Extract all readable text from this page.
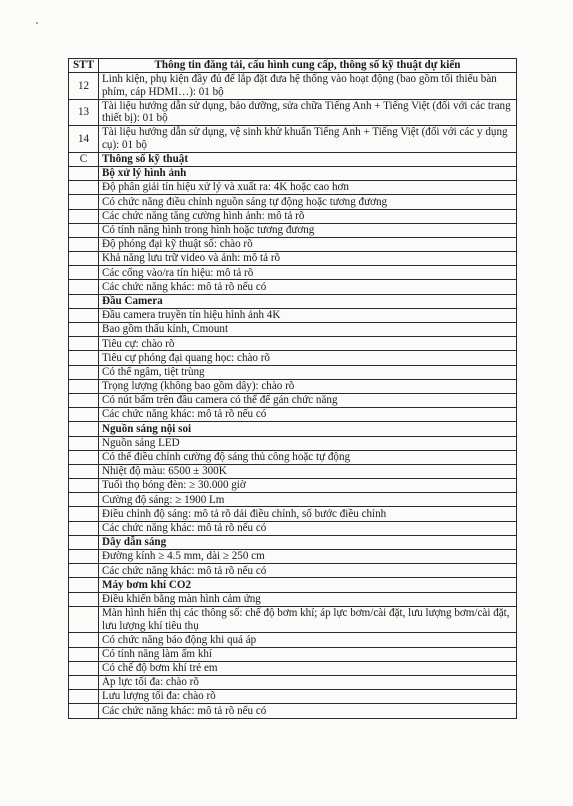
STT	Thông tin đăng tải, cấu hình cung cấp, thông số kỹ thuật dự kiến
12	Linh kiện, phụ kiện đầy đủ để lắp đặt đưa hệ thống vào hoạt động (bao gồm tối thiểu bàn phím, cáp HDMI…): 01 bộ
13	Tài liệu hướng dẫn sử dụng, bảo dưỡng, sửa chữa Tiếng Anh + Tiếng Việt (đối với các trang thiết bị): 01 bộ
14	Tài liệu hướng dẫn sử dụng, vệ sinh khử khuẩn Tiếng Anh + Tiếng Việt (đối với các y dụng cụ): 01 bộ
C	Thông số kỹ thuật
	Bộ xử lý hình ảnh
	Độ phân giải tín hiệu xử lý và xuất ra: 4K hoặc cao hơn
	Có chức năng điều chỉnh nguồn sáng tự động hoặc tương đương
	Các chức năng tăng cường hình ảnh: mô tả rõ
	Có tính năng hình trong hình hoặc tương đương
	Độ phóng đại kỹ thuật số: chào rõ
	Khả năng lưu trữ video và ảnh: mô tả rõ
	Các cổng vào/ra tín hiệu: mô tả rõ
	Các chức năng khác: mô tả rõ nếu có
	Đầu Camera
	Đầu camera truyền tín hiệu hình ảnh 4K
	Bao gồm thấu kính, Cmount
	Tiêu cự: chào rõ
	Tiêu cự phóng đại quang học: chào rõ
	Có thể ngâm, tiệt trùng
	Trọng lượng (không bao gồm dây): chào rõ
	Có nút bấm trên đầu camera có thể để gán chức năng
	Các chức năng khác: mô tả rõ nếu có
	Nguồn sáng nội soi
	Nguồn sáng LED
	Có thể điều chỉnh cường độ sáng thủ công hoặc tự động
	Nhiệt độ màu: 6500 ± 300K
	Tuổi thọ bóng đèn: ≥ 30.000 giờ
	Cường độ sáng: ≥ 1900 Lm
	Điều chỉnh độ sáng: mô tả rõ dải điều chỉnh, số bước điều chỉnh
	Các chức năng khác: mô tả rõ nếu có
	Dây dẫn sáng
	Đường kính ≥ 4.5 mm, dài ≥ 250 cm
	Các chức năng khác: mô tả rõ nếu có
	Máy bơm khí CO2
	Điều khiển bằng màn hình cảm ứng
	Màn hình hiển thị các thông số: chế độ bơm khí; áp lực bơm/cài đặt, lưu lượng bơm/cài đặt, lưu lượng khí tiêu thụ
	Có chức năng báo động khi quá áp
	Có tính năng làm ấm khí
	Có chế độ bơm khí trẻ em
	Áp lực tối đa: chào rõ
	Lưu lượng tối đa: chào rõ
	Các chức năng khác: mô tả rõ nếu có
